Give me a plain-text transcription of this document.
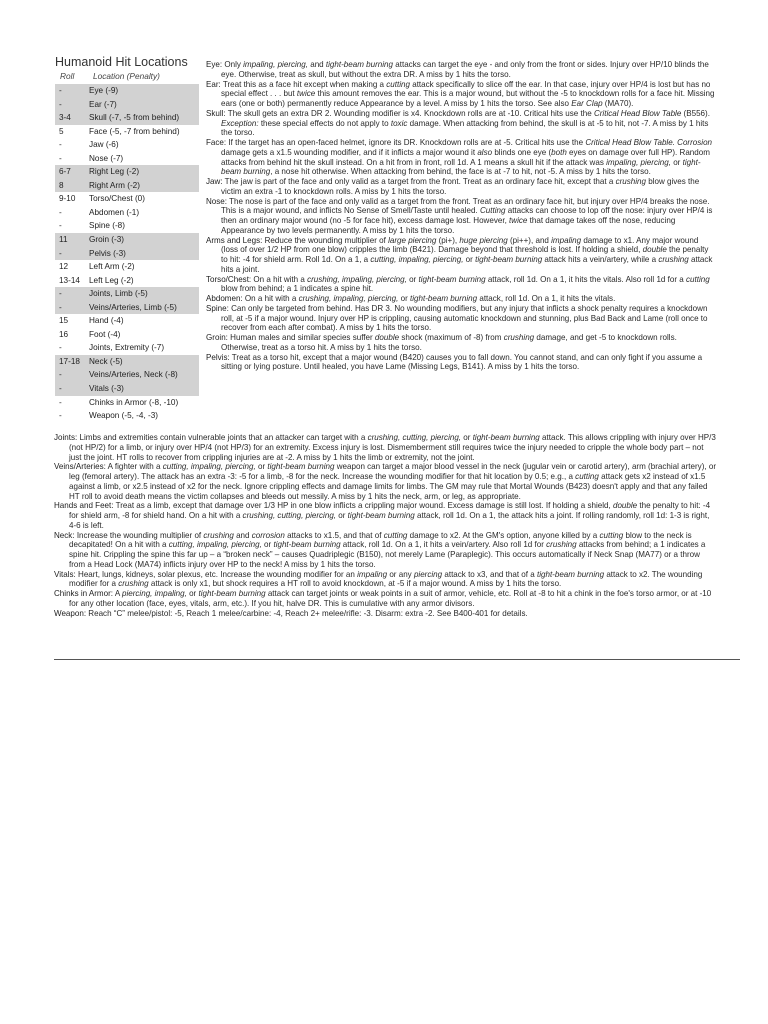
Humanoid Hit Locations
Roll Location (Penalty)
-	Eye (-9)
-	Ear (-7)
3-4 Skull (-7, -5 from behind)
5	Face (-5, -7 from behind)
-	Jaw (-6)
-	Nose (-7)
6-7 Right Leg (-2)
8	Right Arm (-2)
9-10 Torso/Chest (0)
-	Abdomen (-1)
-	Spine (-8)
11	Groin (-3)
-	Pelvis (-3)
12	Left Arm (-2)
13-14 Left Leg (-2)
-	Joints, Limb (-5)
-	Veins/Arteries, Limb (-5)
15	Hand (-4)
16	Foot (-4)
-	Joints, Extremity (-7)
17-18 Neck (-5)
-	Veins/Arteries, Neck (-8)
-	Vitals (-3)
-	Chinks in Armor (-8, -10)
-	Weapon (-5, -4, -3)

Eye: Only impaling, piercing, and tight-beam burning attacks can target the eye - and only from the front or sides. Injury over HP/10 blinds the eye. Otherwise, treat as skull, but without the extra DR. A miss by 1 hits the torso.

Ear: Treat this as a face hit except when making a cutting attack specifically to slice off the ear. In that case, injury over HP/4 is lost but has no special effect . . . but twice this amount removes the ear. This is a major wound, but without the -5 to knockdown rolls for a face hit. Missing ears (one or both) permanently reduce Appearance by a level. A miss by 1 hits the torso. See also Ear Clap (MA70).

Skull: The skull gets an extra DR 2. Wounding modifier is x4. Knockdown rolls are at -10. Critical hits use the Critical Head Blow Table (B556). Exception: these special effects do not apply to toxic damage. When attacking from behind, the skull is at -5 to hit, not -7. A miss by 1 hits the torso.

Face: If the target has an open-faced helmet, ignore its DR. Knockdown rolls are at -5. Critical hits use the Critical Head Blow Table. Corrosion damage gets a x1.5 wounding modifier, and if it inflicts a major wound it also blinds one eye (both eyes on damage over full HP). Random attacks from behind hit the skull instead. On a hit from in front, roll 1d. A 1 means a skull hit if the attack was impaling, piercing, or tight-beam burning, a nose hit otherwise. When attacking from behind, the face is at -7 to hit, not -5. A miss by 1 hits the torso.

Jaw: The jaw is part of the face and only valid as a target from the front. Treat as an ordinary face hit, except that a crushing blow gives the victim an extra -1 to knockdown rolls. A miss by 1 hits the torso.

Nose: The nose is part of the face and only valid as a target from the front. Treat as an ordinary face hit, but injury over HP/4 breaks the nose. This is a major wound, and inflicts No Sense of Smell/Taste until healed. Cutting attacks can choose to lop off the nose: injury over HP/4 is then an ordinary major wound (no -5 for face hit), excess damage lost. However, twice that damage takes off the nose, reducing Appearance by two levels permanently. A miss by 1 hits the torso.

Arms and Legs: Reduce the wounding multiplier of large piercing (pi+), huge piercing (pi++), and impaling damage to x1. Any major wound (loss of over 1/2 HP from one blow) cripples the limb (B421). Damage beyond that threshold is lost. If holding a shield, double the penalty to hit: -4 for shield arm. Roll 1d. On a 1, a cutting, impaling, piercing, or tight-beam burning attack hits a vein/artery, while a crushing attack hits a joint.

Torso/Chest: On a hit with a crushing, impaling, piercing, or tight-beam burning attack, roll 1d. On a 1, it hits the vitals. Also roll 1d for a cutting blow from behind; a 1 indicates a spine hit.

Abdomen: On a hit with a crushing, impaling, piercing, or tight-beam burning attack, roll 1d. On a 1, it hits the vitals.

Spine: Can only be targeted from behind. Has DR 3. No wounding modifiers, but any injury that inflicts a shock penalty requires a knockdown roll, at -5 if a major wound. Injury over HP is crippling, causing automatic knockdown and stunning, plus Bad Back and Lame (roll once to recover from each after combat). A miss by 1 hits the torso.

Groin: Human males and similar species suffer double shock (maximum of -8) from crushing damage, and get -5 to knockdown rolls. Otherwise, treat as a torso hit. A miss by 1 hits the torso.

Pelvis: Treat as a torso hit, except that a major wound (B420) causes you to fall down. You cannot stand, and can only fight if you assume a sitting or lying posture. Until healed, you have Lame (Missing Legs, B141). A miss by 1 hits the torso.

Joints: Limbs and extremities contain vulnerable joints that an attacker can target with a crushing, cutting, piercing, or tight-beam burning attack. This allows crippling with injury over HP/3 (not HP/2) for a limb, or injury over HP/4 (not HP/3) for an extremity. Excess injury is lost. Dismemberment still requires twice the injury needed to cripple the whole body part – not just the joint. HT rolls to recover from crippling injuries are at -2. A miss by 1 hits the limb or extremity, not the joint.

Veins/Arteries: A fighter with a cutting, impaling, piercing, or tight-beam burning weapon can target a major blood vessel in the neck (jugular vein or carotid artery), arm (brachial artery), or leg (femoral artery). The attack has an extra -3: -5 for a limb, -8 for the neck. Increase the wounding modifier for that hit location by 0.5; e.g., a cutting attack gets x2 instead of x1.5 against a limb, or x2.5 instead of x2 for the neck. Ignore crippling effects and damage limits for limbs. The GM may rule that Mortal Wounds (B423) doesn't apply and that any failed HT roll to avoid death means the victim collapses and bleeds out messily. A miss by 1 hits the neck, arm, or leg, as appropriate.

Hands and Feet: Treat as a limb, except that damage over 1/3 HP in one blow inflicts a crippling major wound. Excess damage is still lost. If holding a shield, double the penalty to hit: -4 for shield arm, -8 for shield hand. On a hit with a crushing, cutting, piercing, or tight-beam burning attack, roll 1d. On a 1, the attack hits a joint. If rolling randomly, roll 1d: 1-3 is right, 4-6 is left.

Neck: Increase the wounding multiplier of crushing and corrosion attacks to x1.5, and that of cutting damage to x2. At the GM's option, anyone killed by a cutting blow to the neck is decapitated! On a hit with a cutting, impaling, piercing, or tight-beam burning attack, roll 1d. On a 1, it hits a vein/artery. Also roll 1d for crushing attacks from behind; a 1 indicates a spine hit. Crippling the spine this far up – a “broken neck” – causes Quadriplegic (B150), not merely Lame (Paraplegic). This occurs automatically if Neck Snap (MA77) or a throw from a Head Lock (MA74) inflicts injury over HP to the neck! A miss by 1 hits the torso.

Vitals: Heart, lungs, kidneys, solar plexus, etc. Increase the wounding modifier for an impaling or any piercing attack to x3, and that of a tight-beam burning attack to x2. The wounding modifier for a crushing attack is only x1, but shock requires a HT roll to avoid knockdown, at -5 if a major wound. A miss by 1 hits the torso.

Chinks in Armor: A piercing, impaling, or tight-beam burning attack can target joints or weak points in a suit of armor, vehicle, etc. Roll at -8 to hit a chink in the foe's torso armor, or at -10 for any other location (face, eyes, vitals, arm, etc.). If you hit, halve DR. This is cumulative with any armor divisors.

Weapon: Reach “C” melee/pistol: -5, Reach 1 melee/carbine: -4, Reach 2+ melee/rifle: -3. Disarm: extra -2. See B400-401 for details.
